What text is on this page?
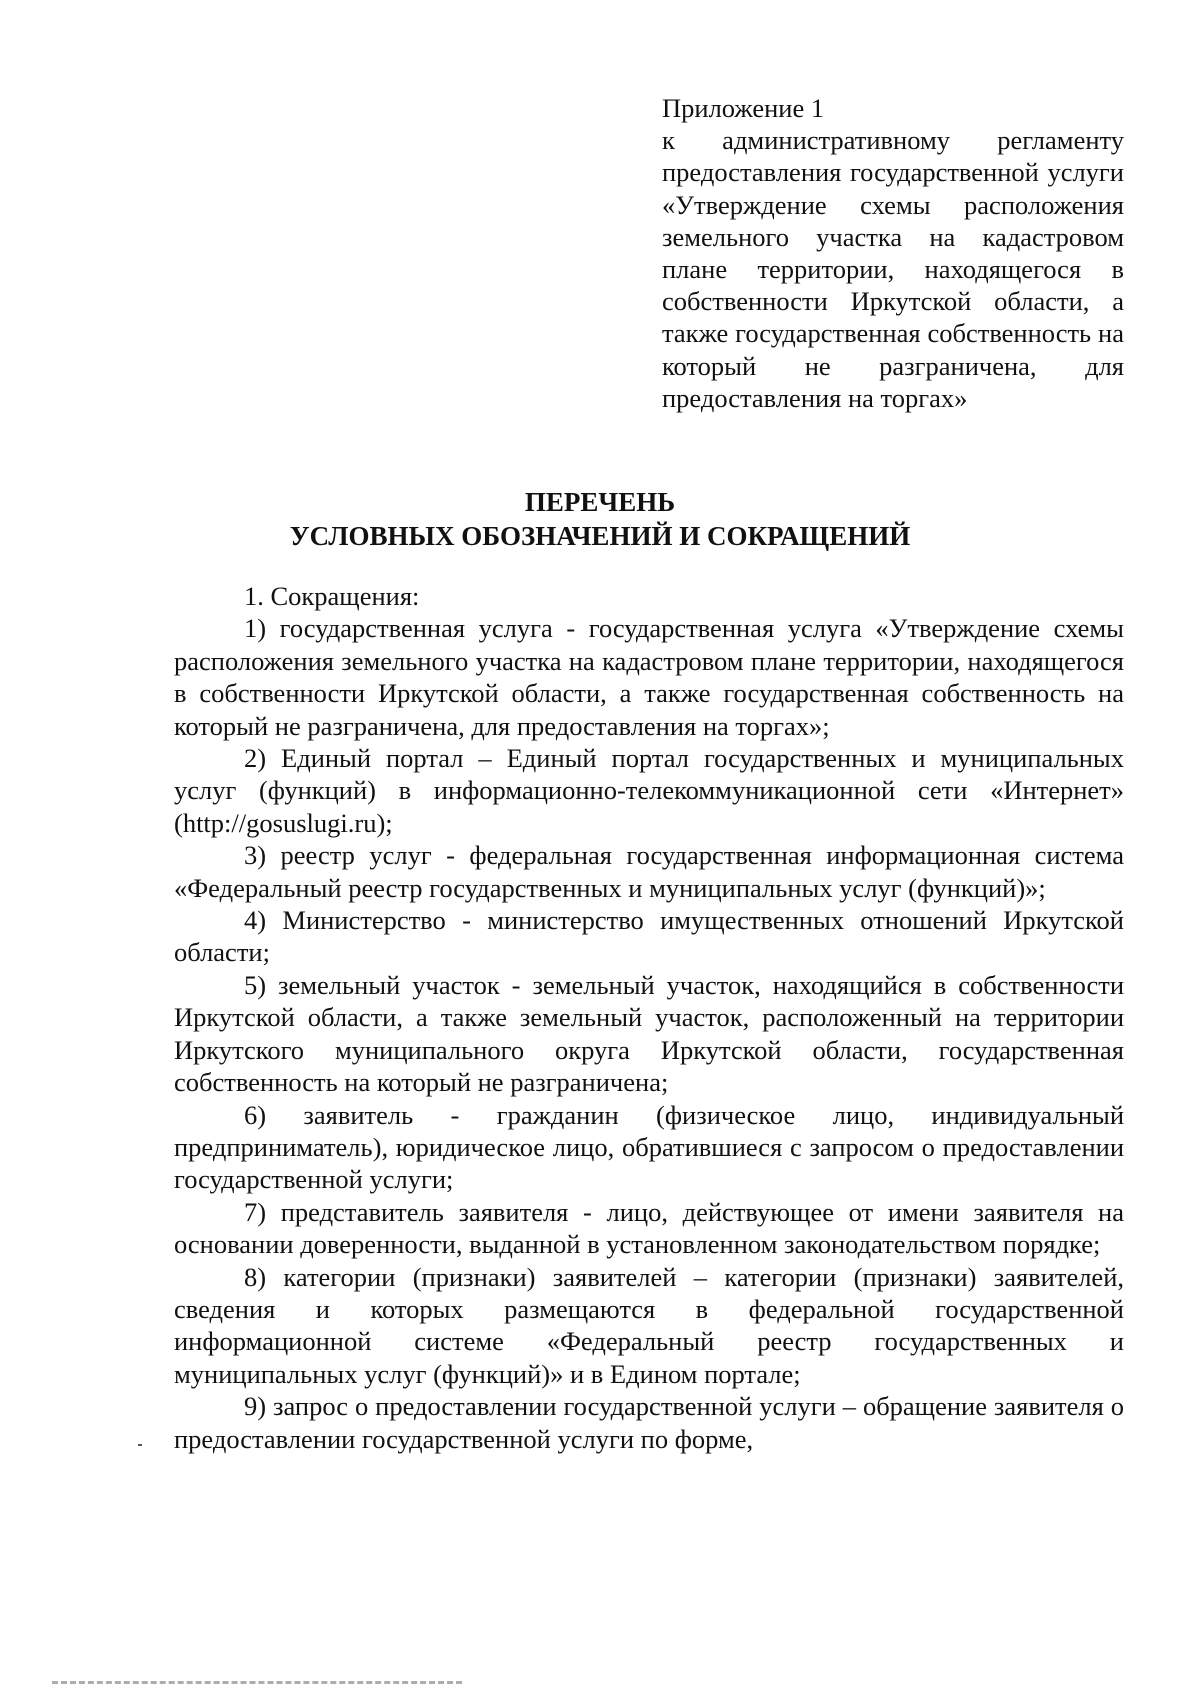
Приложение 1
к административному регламенту предоставления государственной услуги «Утверждение схемы расположения земельного участка на кадастровом плане территории, находящегося в собственности Иркутской области, а также государственная собственность на который не разграничена, для предоставления на торгах»
ПЕРЕЧЕНЬ
УСЛОВНЫХ ОБОЗНАЧЕНИЙ И СОКРАЩЕНИЙ

1. Сокращения:

1) государственная услуга - государственная услуга «Утверждение схемы расположения земельного участка на кадастровом плане территории, находящегося в собственности Иркутской области, а также государственная собственность на который не разграничена, для предоставления на торгах»;

2) Единый портал – Единый портал государственных и муниципальных услуг (функций) в информационно-телекоммуникационной сети «Интернет» (http://gosuslugi.ru);

3) реестр услуг - федеральная государственная информационная система «Федеральный реестр государственных и муниципальных услуг (функций)»;

4) Министерство - министерство имущественных отношений Иркутской области;

5) земельный участок - земельный участок, находящийся в собственности Иркутской области, а также земельный участок, расположенный на территории Иркутского муниципального округа Иркутской области, государственная собственность на который не разграничена;

6) заявитель - гражданин (физическое лицо, индивидуальный предприниматель), юридическое лицо, обратившиеся с запросом о предоставлении государственной услуги;

7) представитель заявителя - лицо, действующее от имени заявителя на основании доверенности, выданной в установленном законодательством порядке;

8) категории (признаки) заявителей – категории (признаки) заявителей, сведения и которых размещаются в федеральной государственной информационной системе «Федеральный реестр государственных и муниципальных услуг (функций)» и в Едином портале;

9) запрос о предоставлении государственной услуги – обращение заявителя о предоставлении государственной услуги по форме,
